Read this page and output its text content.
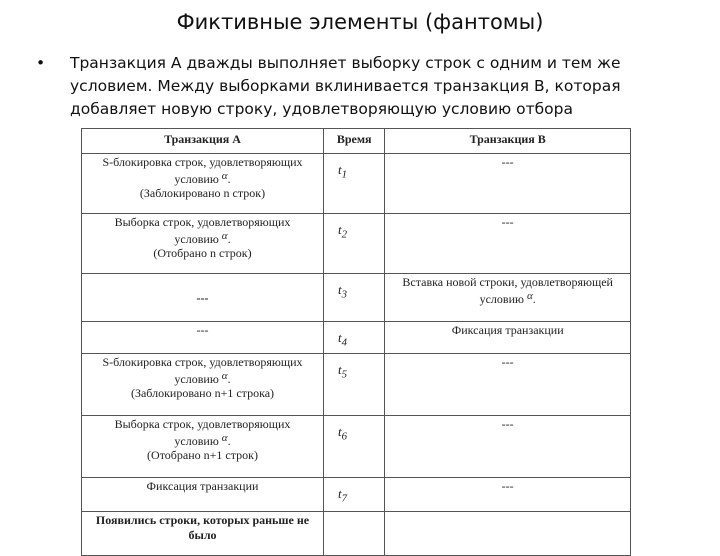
Фиктивные элементы (фантомы)
• Транзакция А дважды выполняет выборку строк с одним и тем же условием. Между выборками вклинивается транзакция В, которая добавляет новую строку, удовлетворяющую условию отбора
Транзакция А	Время	Транзакция В

S-блокировка строк, удовлетворяющих
условию α.
(Заблокировано n строк)	$t_1$	---

Выборка строк, удовлетворяющих
условию α.
(Отобрано n строк)	$t_2$	---
---	$t_3$	Вставка новой строки, удовлетворяющей
условию α.

---	$t_4$	Фиксация транзакции

S-блокировка строк, удовлетворяющих
условию α.
(Заблокировано n+1 строка)	$t_5$	---

Выборка строк, удовлетворяющих
условию α.
(Отобрано n+1 строк)	$t_6$	---
Фиксация транзакции	$t_7$	---
Появились строки, которых раньше не было		
